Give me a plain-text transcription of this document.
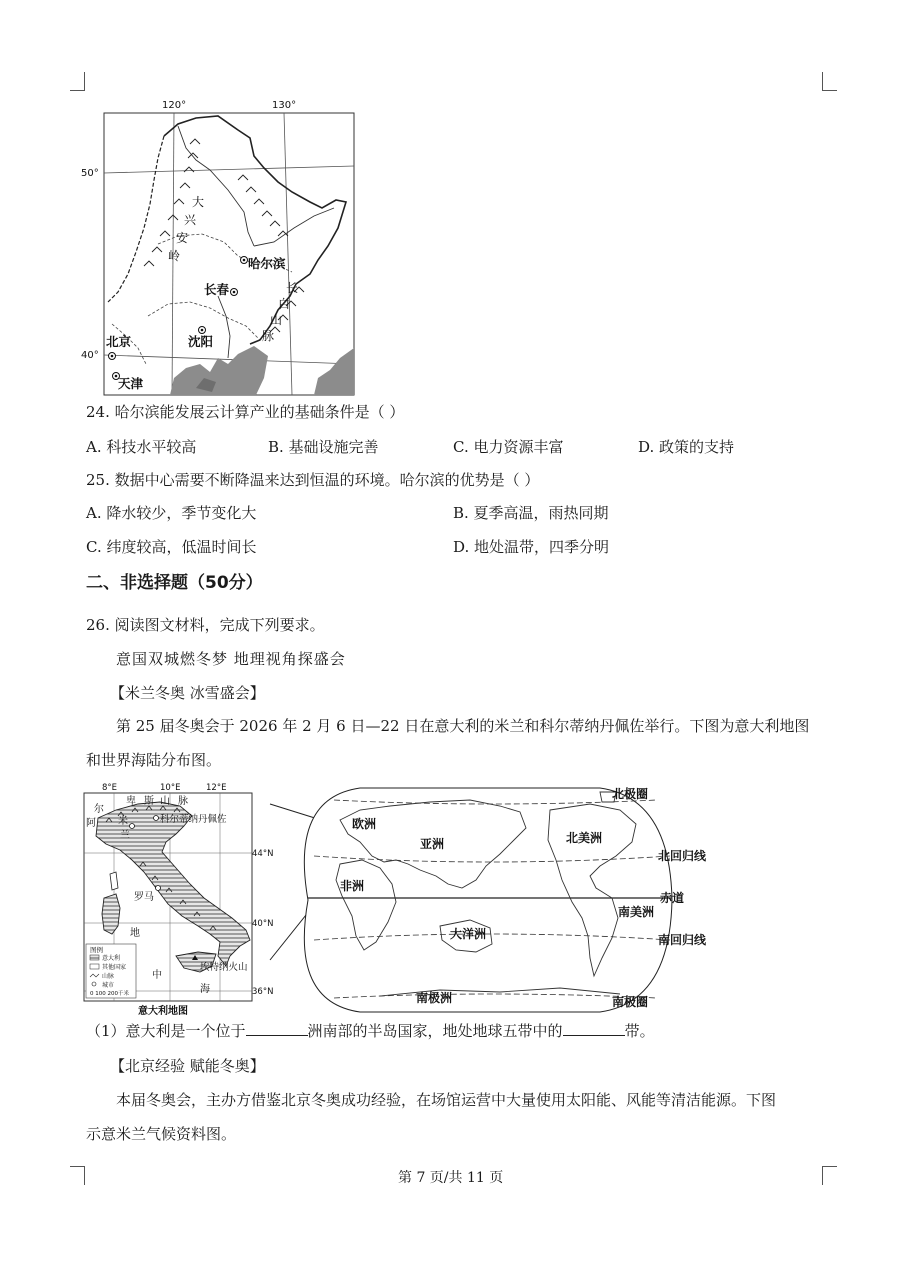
120°	130°
50°
40°
大
兴
安
岭
长
白
山
脉
哈尔滨
长春
沈阳
北京
天津
24. 哈尔滨能发展云计算产业的基础条件是（ ）
A. 科技水平较高	B. 基础设施完善	C. 电力资源丰富	D. 政策的支持
25. 数据中心需要不断降温来达到恒温的环境。哈尔滨的优势是（ ）
A. 降水较少，季节变化大	B. 夏季高温，雨热同期
C. 纬度较高，低温时间长	D. 地处温带，四季分明
二、非选择题（50分）
26. 阅读图文材料，完成下列要求。
意国双城燃冬梦 地理视角探盛会
【米兰冬奥 冰雪盛会】
第 25 届冬奥会于 2026 年 2 月 6 日—22 日在意大利的米兰和科尔蒂纳丹佩佐举行。下图为意大利地图
和世界海陆分布图。
8°E	10°E	12°E
44°N
40°N
36°N
阿
尔
卑 斯 山 脉
米
兰
科尔蒂纳丹佩佐
罗马
地
中
海
埃特纳火山
图例
意大利
其他国家
山脉
城市
0 100 200千米
意大利地图
欧洲
亚洲	北美洲
非洲
南美洲
大洋洲
南极洲
北极圈
北回归线
赤道
南回归线
南极圈
（1）意大利是一个位于	洲南部的半岛国家，地处地球五带中的	带。
【北京经验 赋能冬奥】
本届冬奥会，主办方借鉴北京冬奥成功经验，在场馆运营中大量使用太阳能、风能等清洁能源。下图
示意米兰气候资料图。
第 7 页/共 11 页
